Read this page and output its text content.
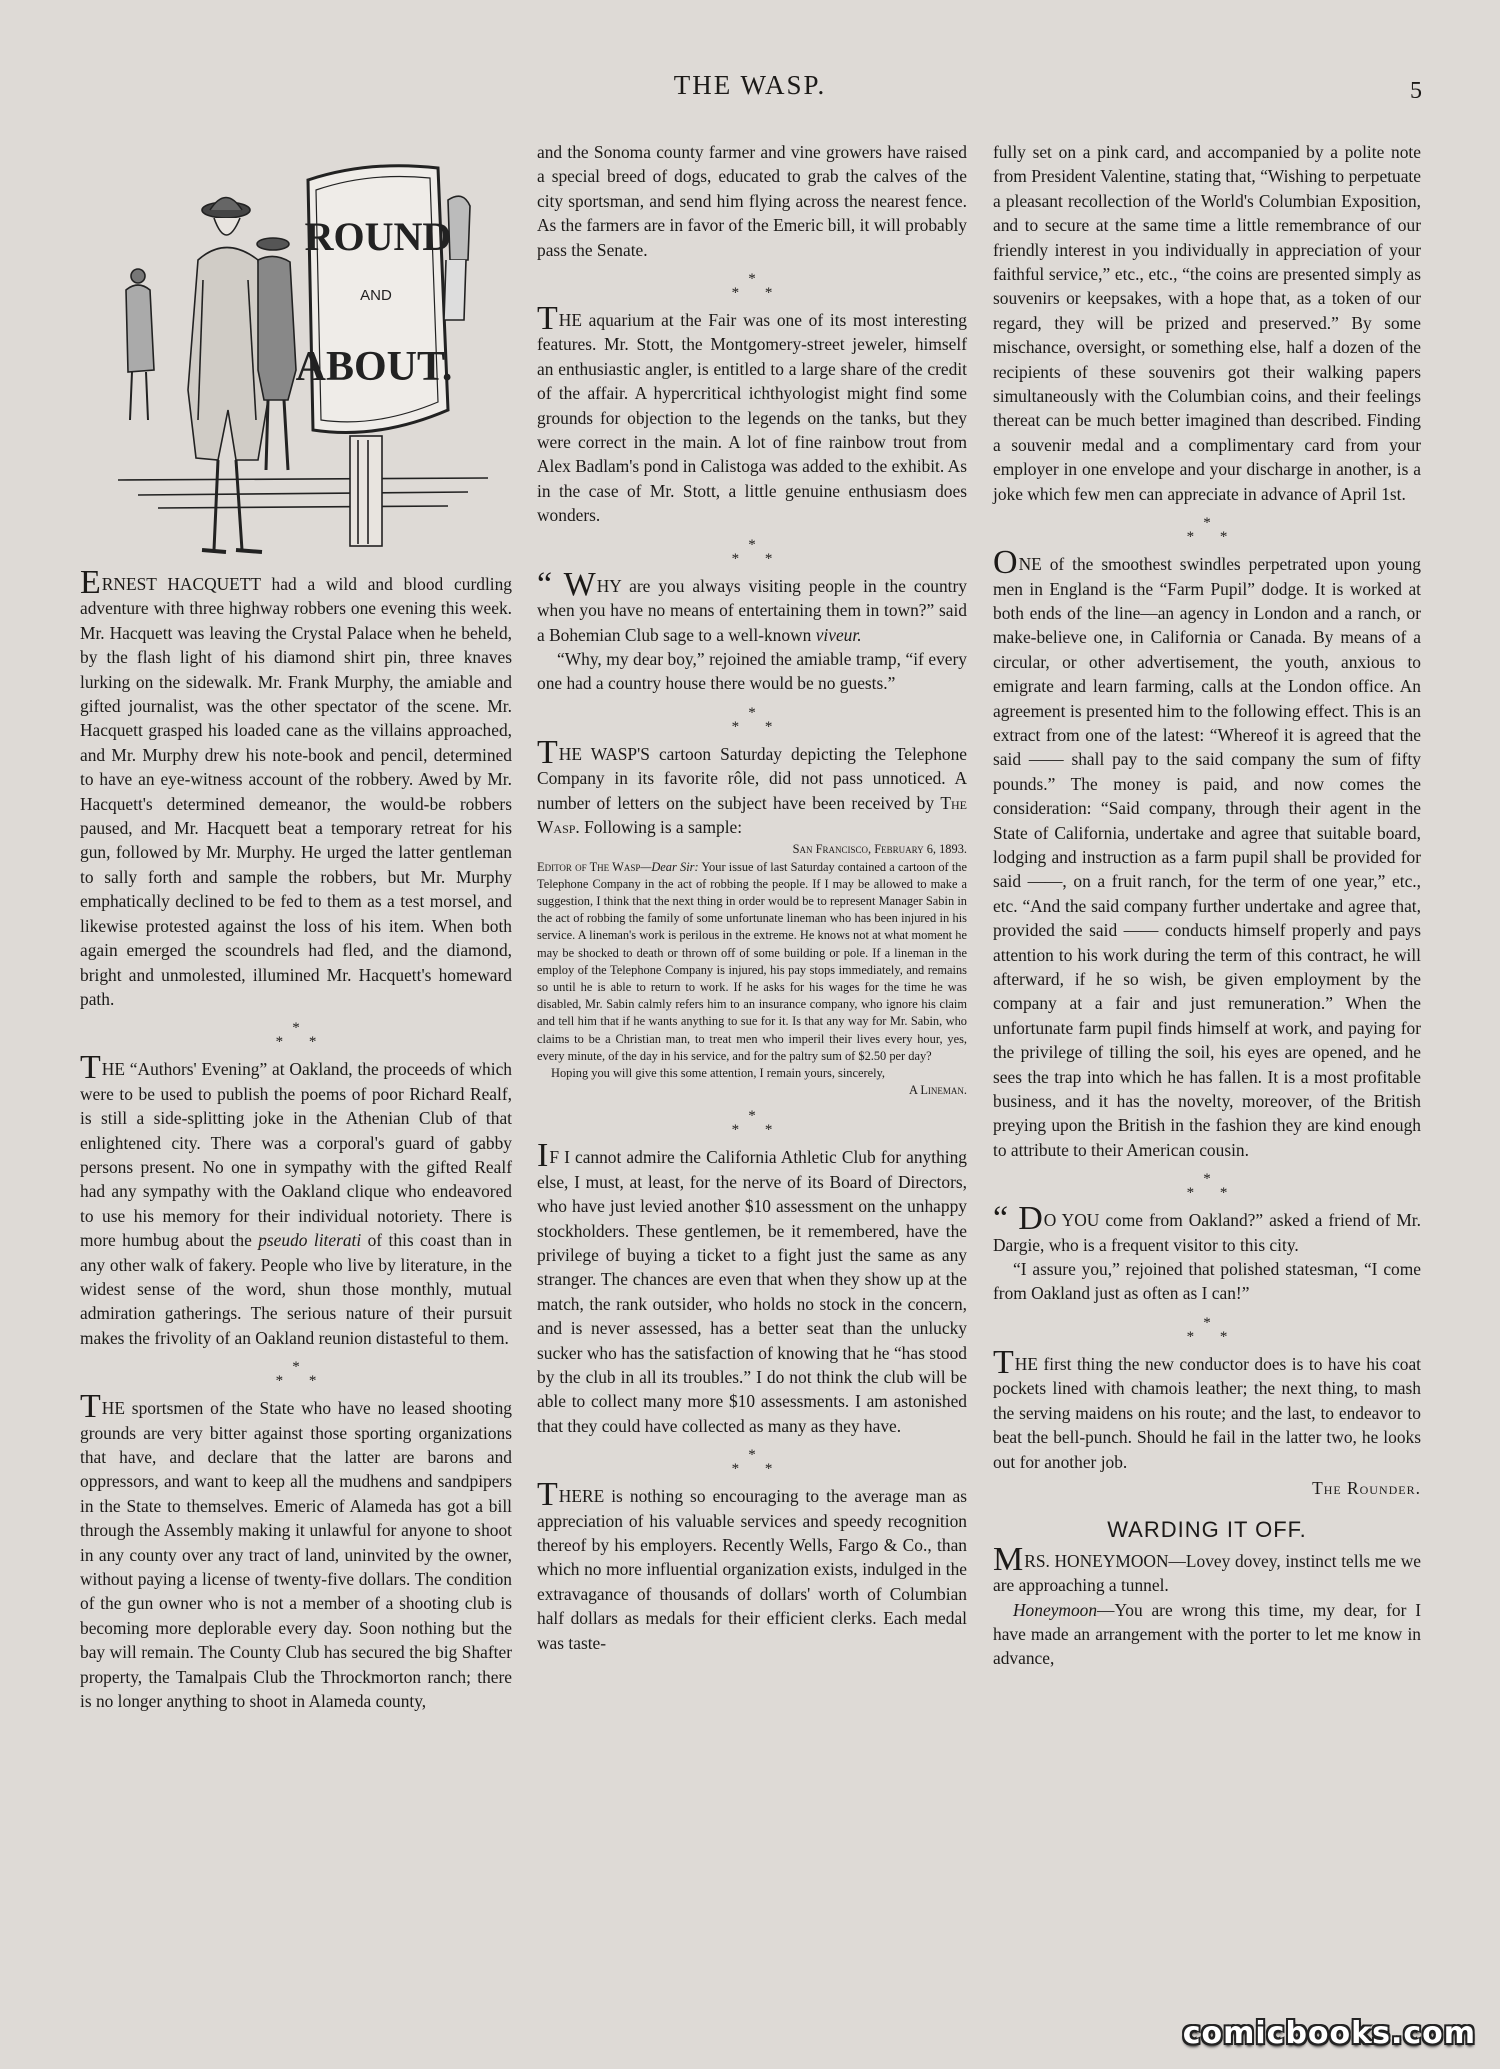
THE WASP.	5
ROUND
AND
ABOUT.

ERNEST HACQUETT had a wild and blood curdling adventure with three highway robbers one evening this week. Mr. Hacquett was leaving the Crystal Palace when he beheld, by the flash light of his diamond shirt pin, three knaves lurking on the sidewalk. Mr. Frank Murphy, the amiable and gifted journalist, was the other spectator of the scene. Mr. Hacquett grasped his loaded cane as the villains approached, and Mr. Murphy drew his note-book and pencil, determined to have an eye-witness account of the robbery. Awed by Mr. Hacquett's determined demeanor, the would-be robbers paused, and Mr. Hacquett beat a temporary retreat for his gun, followed by Mr. Murphy. He urged the latter gentleman to sally forth and sample the robbers, but Mr. Murphy emphatically declined to be fed to them as a test morsel, and likewise protested against the loss of his item. When both again emerged the scoundrels had fled, and the diamond, bright and unmolested, illumined Mr. Hacquett's homeward path.

*
* *

THE “Authors' Evening” at Oakland, the proceeds of which were to be used to publish the poems of poor Richard Realf, is still a side-splitting joke in the Athenian Club of that enlightened city. There was a corporal's guard of gabby persons present. No one in sympathy with the gifted Realf had any sympathy with the Oakland clique who endeavored to use his memory for their individual notoriety. There is more humbug about the pseudo literati of this coast than in any other walk of fakery. People who live by literature, in the widest sense of the word, shun those monthly, mutual admiration gatherings. The serious nature of their pursuit makes the frivolity of an Oakland reunion distasteful to them.

*
* *

THE sportsmen of the State who have no leased shooting grounds are very bitter against those sporting organizations that have, and declare that the latter are barons and oppressors, and want to keep all the mudhens and sandpipers in the State to themselves. Emeric of Alameda has got a bill through the Assembly making it unlawful for anyone to shoot in any county over any tract of land, uninvited by the owner, without paying a license of twenty-five dollars. The condition of the gun owner who is not a member of a shooting club is becoming more deplorable every day. Soon nothing but the bay will remain. The County Club has secured the big Shafter property, the Tamalpais Club the Throckmorton ranch; there is no longer anything to shoot in Alameda county,

and the Sonoma county farmer and vine growers have raised a special breed of dogs, educated to grab the calves of the city sportsman, and send him flying across the nearest fence. As the farmers are in favor of the Emeric bill, it will probably pass the Senate.

*
* *

THE aquarium at the Fair was one of its most interesting features. Mr. Stott, the Montgomery-street jeweler, himself an enthusiastic angler, is entitled to a large share of the credit of the affair. A hypercritical ichthyologist might find some grounds for objection to the legends on the tanks, but they were correct in the main. A lot of fine rainbow trout from Alex Badlam's pond in Calistoga was added to the exhibit. As in the case of Mr. Stott, a little genuine enthusiasm does wonders.

*
* *

“ WHY are you always visiting people in the country when you have no means of entertaining them in town?” said a Bohemian Club sage to a well-known viveur.

“Why, my dear boy,” rejoined the amiable tramp, “if every one had a country house there would be no guests.”

*
* *

THE WASP'S cartoon Saturday depicting the Telephone Company in its favorite rôle, did not pass unnoticed. A number of letters on the subject have been received by The Wasp. Following is a sample:

San Francisco, February 6, 1893.
Editor of The Wasp—Dear Sir: Your issue of last Saturday contained a cartoon of the Telephone Company in the act of robbing the people. If I may be allowed to make a suggestion, I think that the next thing in order would be to represent Manager Sabin in the act of robbing the family of some unfortunate lineman who has been injured in his service. A lineman's work is perilous in the extreme. He knows not at what moment he may be shocked to death or thrown off of some building or pole. If a lineman in the employ of the Telephone Company is injured, his pay stops immediately, and remains so until he is able to return to work. If he asks for his wages for the time he was disabled, Mr. Sabin calmly refers him to an insurance company, who ignore his claim and tell him that if he wants anything to sue for it. Is that any way for Mr. Sabin, who claims to be a Christian man, to treat men who imperil their lives every hour, yes, every minute, of the day in his service, and for the paltry sum of $2.50 per day?
Hoping you will give this some attention, I remain yours, sincerely,
A Lineman.
*
* *

IF I cannot admire the California Athletic Club for anything else, I must, at least, for the nerve of its Board of Directors, who have just levied another $10 assessment on the unhappy stockholders. These gentlemen, be it remembered, have the privilege of buying a ticket to a fight just the same as any stranger. The chances are even that when they show up at the match, the rank outsider, who holds no stock in the concern, and is never assessed, has a better seat than the unlucky sucker who has the satisfaction of knowing that he “has stood by the club in all its troubles.” I do not think the club will be able to collect many more $10 assessments. I am astonished that they could have collected as many as they have.

*
* *

THERE is nothing so encouraging to the average man as appreciation of his valuable services and speedy recognition thereof by his employers. Recently Wells, Fargo & Co., than which no more influential organization exists, indulged in the extravagance of thousands of dollars' worth of Columbian half dollars as medals for their efficient clerks. Each medal was taste-

fully set on a pink card, and accompanied by a polite note from President Valentine, stating that, “Wishing to perpetuate a pleasant recollection of the World's Columbian Exposition, and to secure at the same time a little remembrance of our friendly interest in you individually in appreciation of your faithful service,” etc., etc., “the coins are presented simply as souvenirs or keepsakes, with a hope that, as a token of our regard, they will be prized and preserved.” By some mischance, oversight, or something else, half a dozen of the recipients of these souvenirs got their walking papers simultaneously with the Columbian coins, and their feelings thereat can be much better imagined than described. Finding a souvenir medal and a complimentary card from your employer in one envelope and your discharge in another, is a joke which few men can appreciate in advance of April 1st.

*
* *

ONE of the smoothest swindles perpetrated upon young men in England is the “Farm Pupil” dodge. It is worked at both ends of the line—an agency in London and a ranch, or make-believe one, in California or Canada. By means of a circular, or other advertisement, the youth, anxious to emigrate and learn farming, calls at the London office. An agreement is presented him to the following effect. This is an extract from one of the latest: “Whereof it is agreed that the said —— shall pay to the said company the sum of fifty pounds.” The money is paid, and now comes the consideration: “Said company, through their agent in the State of California, undertake and agree that suitable board, lodging and instruction as a farm pupil shall be provided for said ——, on a fruit ranch, for the term of one year,” etc., etc. “And the said company further undertake and agree that, provided the said —— conducts himself properly and pays attention to his work during the term of this contract, he will afterward, if he so wish, be given employment by the company at a fair and just remuneration.” When the unfortunate farm pupil finds himself at work, and paying for the privilege of tilling the soil, his eyes are opened, and he sees the trap into which he has fallen. It is a most profitable business, and it has the novelty, moreover, of the British preying upon the British in the fashion they are kind enough to attribute to their American cousin.

*
* *

“ DO YOU come from Oakland?” asked a friend of Mr. Dargie, who is a frequent visitor to this city.

“I assure you,” rejoined that polished statesman, “I come from Oakland just as often as I can!”

*
* *

THE first thing the new conductor does is to have his coat pockets lined with chamois leather; the next thing, to mash the serving maidens on his route; and the last, to endeavor to beat the bell-punch. Should he fail in the latter two, he looks out for another job.

The Rounder.
WARDING IT OFF.

MRS. HONEYMOON—Lovey dovey, instinct tells me we are approaching a tunnel.

Honeymoon—You are wrong this time, my dear, for I have made an arrangement with the porter to let me know in advance,

comicbooks.com
